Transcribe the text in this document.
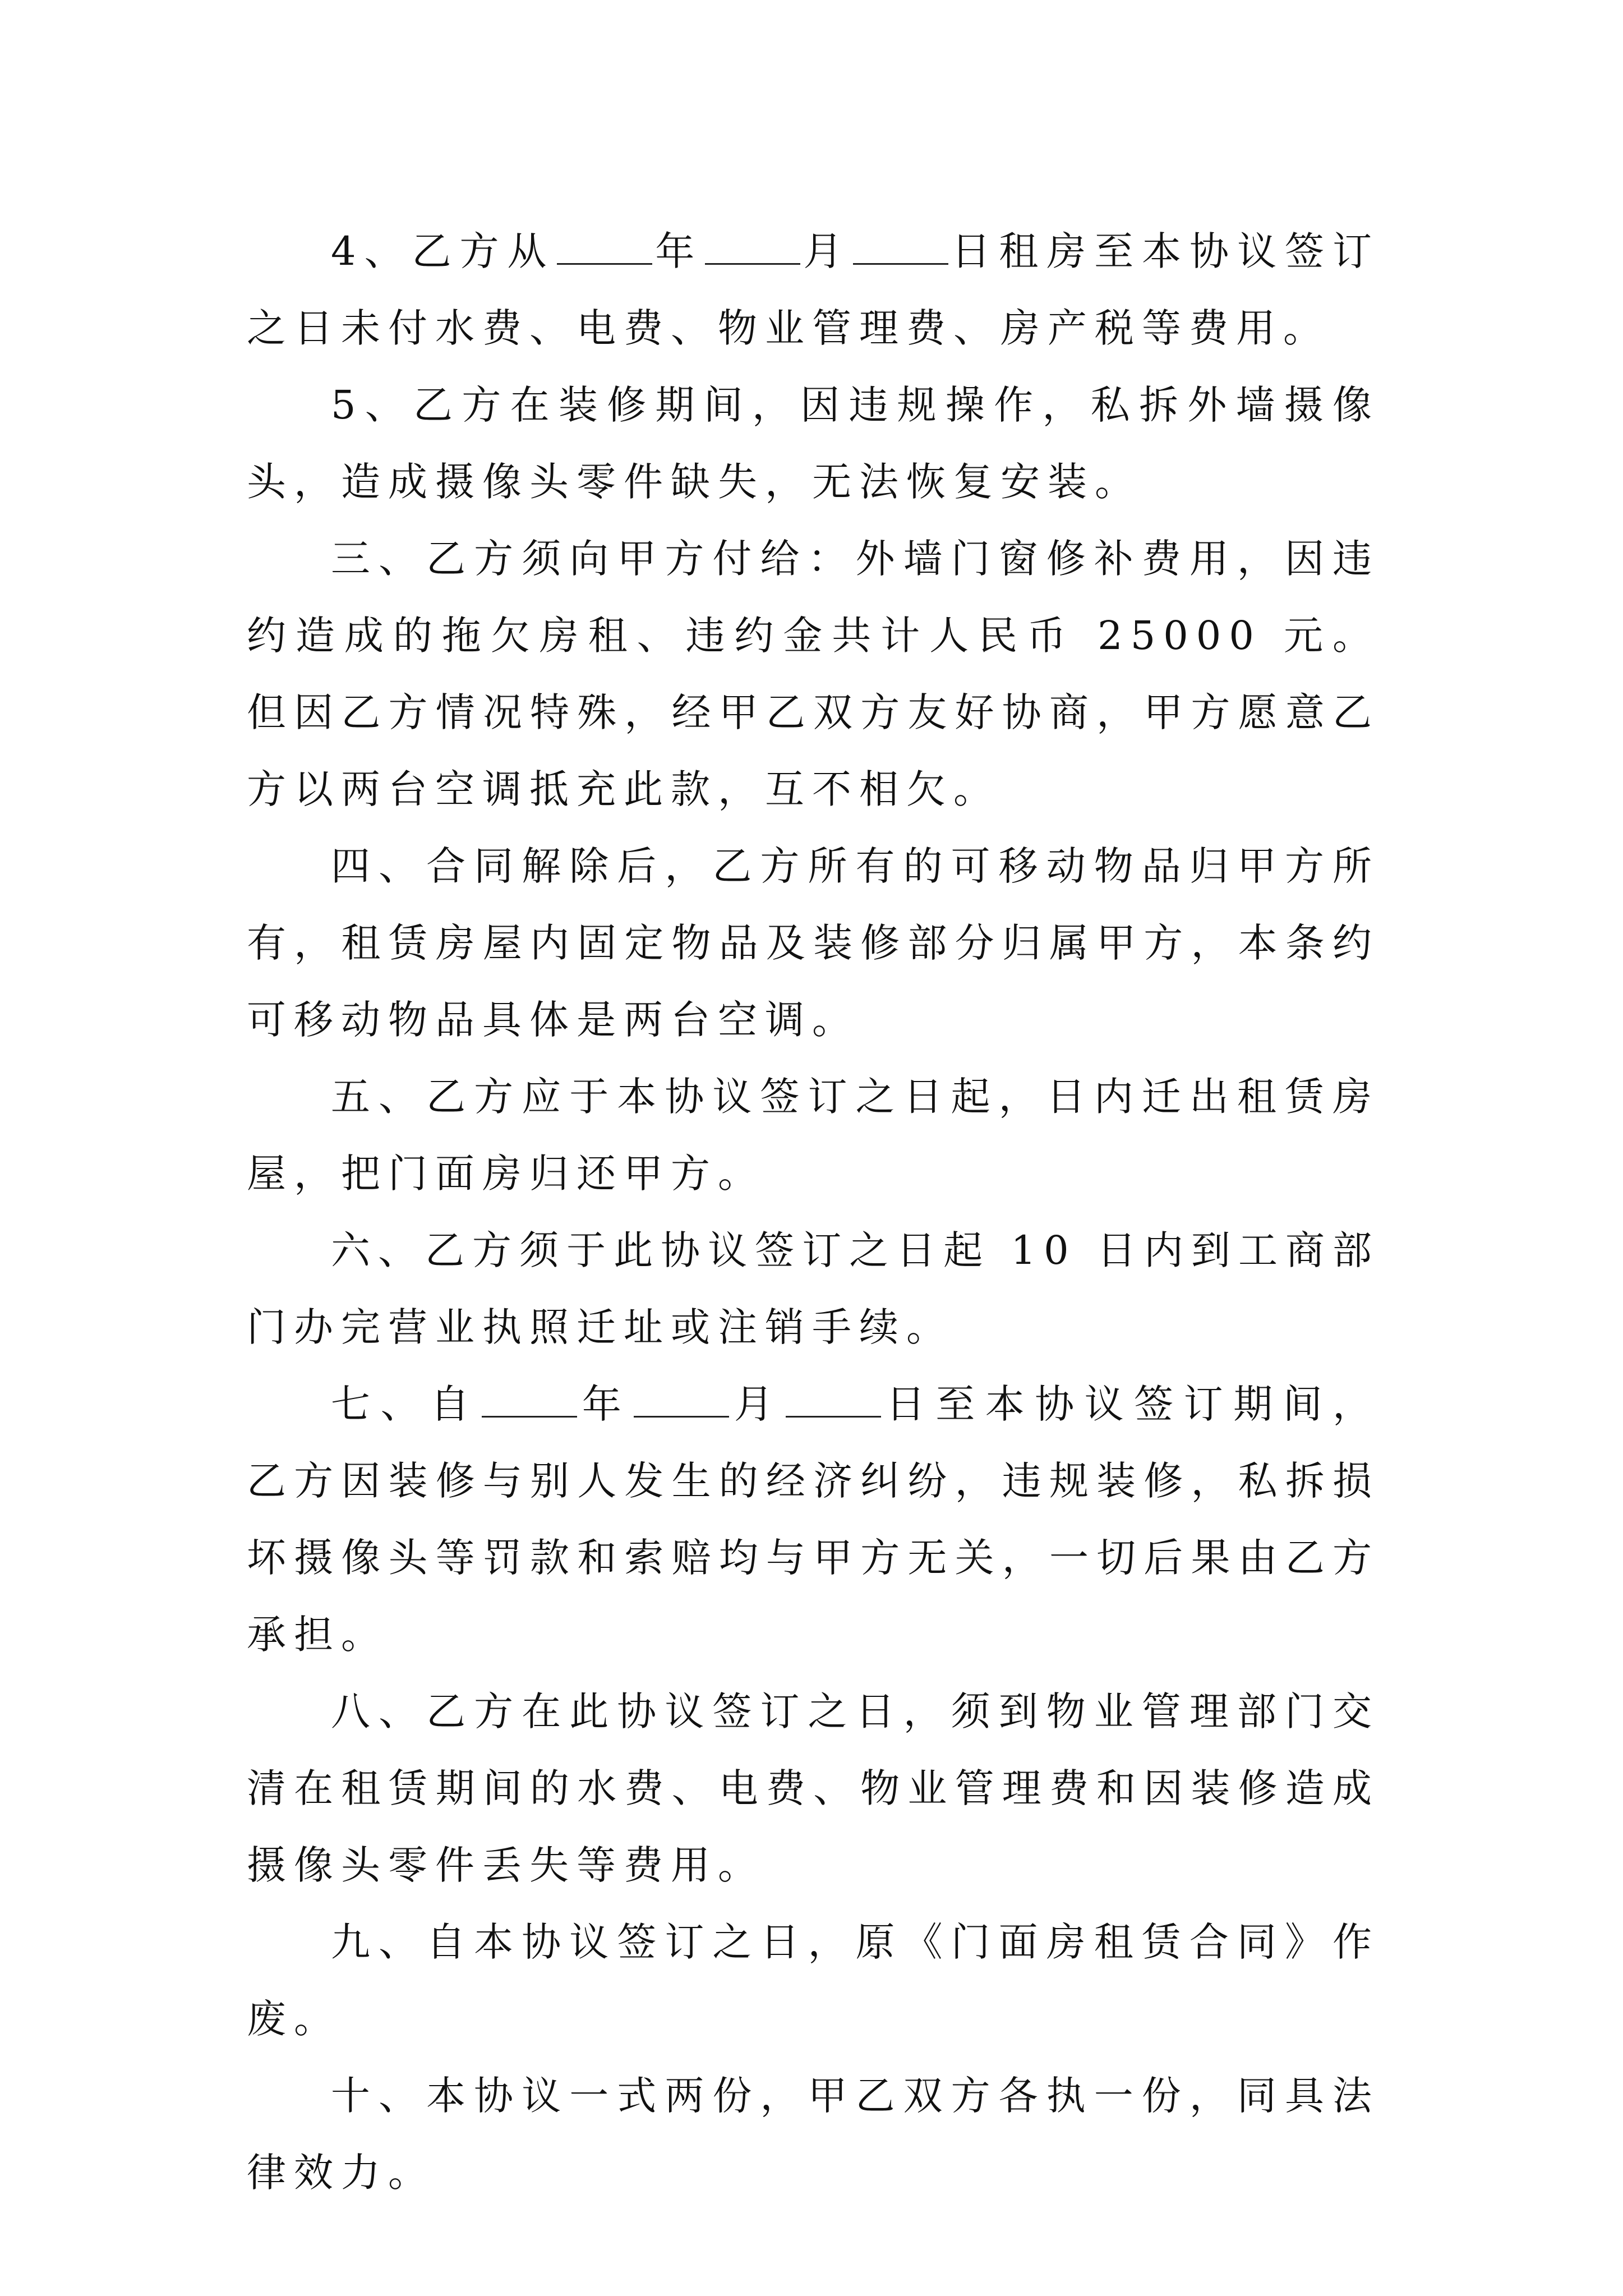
4、乙方从	年	月	日租房至本协议签订之日未付水费、电费、物业管理费、房产税等费用。

5、乙方在装修期间，因违规操作，私拆外墙摄像头，造成摄像头零件缺失，无法恢复安装。

三、乙方须向甲方付给：外墙门窗修补费用，因违约造成的拖欠房租、违约金共计人民币 25000 元。但因乙方情况特殊，经甲乙双方友好协商，甲方愿意乙方以两台空调抵充此款，互不相欠。

四、合同解除后，乙方所有的可移动物品归甲方所有，租赁房屋内固定物品及装修部分归属甲方，本条约可移动物品具体是两台空调。

五、乙方应于本协议签订之日起，日内迁出租赁房屋，把门面房归还甲方。

六、乙方须于此协议签订之日起 10 日内到工商部门办完营业执照迁址或注销手续。

七、自	年	月	日至本协议签订期间，乙方因装修与别人发生的经济纠纷，违规装修，私拆损坏摄像头等罚款和索赔均与甲方无关，一切后果由乙方承担。

八、乙方在此协议签订之日，须到物业管理部门交清在租赁期间的水费、电费、物业管理费和因装修造成摄像头零件丢失等费用。

九、自本协议签订之日，原《门面房租赁合同》作废。

十、本协议一式两份，甲乙双方各执一份，同具法律效力。
